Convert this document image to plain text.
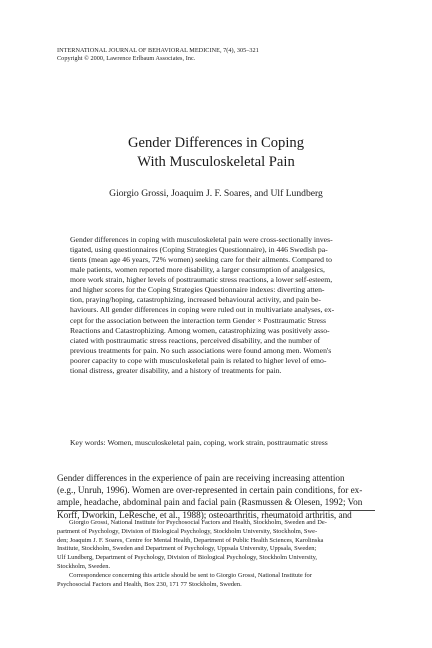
INTERNATIONAL JOURNAL OF BEHAVIORAL MEDICINE, 7(4), 305–321
Copyright © 2000, Lawrence Erlbaum Associates, Inc.
Gender Differences in Coping
With Musculoskeletal Pain
Giorgio Grossi, Joaquim J. F. Soares, and Ulf Lundberg
Gender differences in coping with musculoskeletal pain were cross-sectionally inves-
tigated, using questionnaires (Coping Strategies Questionnaire), in 446 Swedish pa-
tients (mean age 46 years, 72% women) seeking care for their ailments. Compared to
male patients, women reported more disability, a larger consumption of analgesics,
more work strain, higher levels of posttraumatic stress reactions, a lower self-esteem,
and higher scores for the Coping Strategies Questionnaire indexes: diverting atten-
tion, praying/hoping, catastrophizing, increased behavioural activity, and pain be-
haviours. All gender differences in coping were ruled out in multivariate analyses, ex-
cept for the association between the interaction term Gender × Posttraumatic Stress
Reactions and Catastrophizing. Among women, catastrophizing was positively asso-
ciated with posttraumatic stress reactions, perceived disability, and the number of
previous treatments for pain. No such associations were found among men. Women's
poorer capacity to cope with musculoskeletal pain is related to higher level of emo-
tional distress, greater disability, and a history of treatments for pain.
Key words: Women, musculoskeletal pain, coping, work strain, posttraumatic stress
Gender differences in the experience of pain are receiving increasing attention
(e.g., Unruh, 1996). Women are over-represented in certain pain conditions, for ex-
ample, headache, abdominal pain and facial pain (Rasmussen & Olesen, 1992; Von
Korff, Dworkin, LeResche, et al., 1988); osteoarthritis, rheumatoid arthritis, and
Giorgio Grossi, National Institute for Psychosocial Factors and Health, Stockholm, Sweden and De-
partment of Psychology, Division of Biological Psychology, Stockholm University, Stockholm, Swe-
den; Joaquim J. F. Soares, Centre for Mental Health, Department of Public Health Sciences, Karolinska
Institute, Stockholm, Sweden and Department of Psychology, Uppsala University, Uppsala, Sweden;
Ulf Lundberg, Department of Psychology, Division of Biological Psychology, Stockholm University,
Stockholm, Sweden.
Correspondence concerning this article should be sent to Giorgio Grossi, National Institute for
Psychosocial Factors and Health, Box 230, 171 77 Stockholm, Sweden.
